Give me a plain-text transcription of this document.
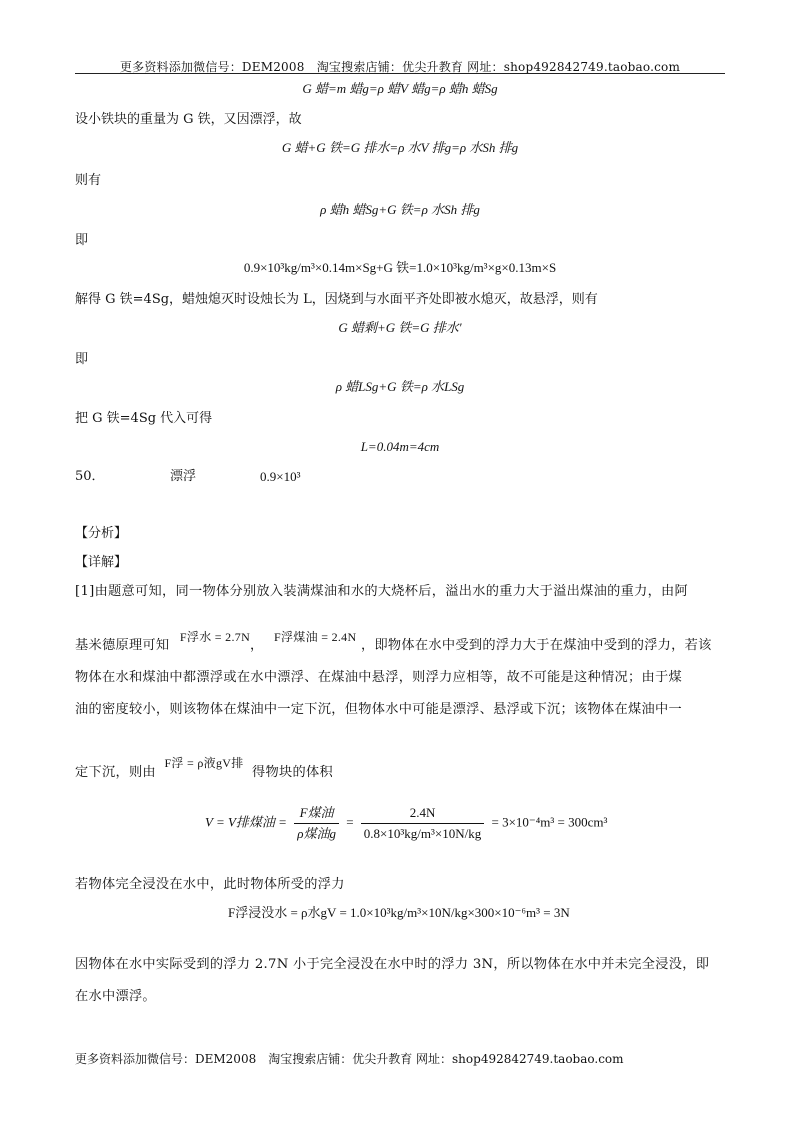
更多资料添加微信号：DEM2008　淘宝搜索店铺：优尖升教育 网址：shop492842749.taobao.com
G 蜡=m 蜡g=ρ 蜡V 蜡g=ρ 蜡h 蜡Sg
设小铁块的重量为 G 铁，又因漂浮，故
G 蜡+G 铁=G 排水=ρ 水V 排g=ρ 水Sh 排g
则有
ρ 蜡h 蜡Sg+G 铁=ρ 水Sh 排g
即
0.9×10³kg/m³×0.14m×Sg+G 铁=1.0×10³kg/m³×g×0.13m×S
解得 G 铁=4Sg，蜡烛熄灭时设烛长为 L，因烧到与水面平齐处即被水熄灭，故悬浮，则有
G 蜡剩+G 铁=G 排水′
即
ρ 蜡LSg+G 铁=ρ 水LSg
把 G 铁=4Sg 代入可得
L=0.04m=4cm
50．	漂浮	0.9×10³
【分析】
【详解】
[1]由题意可知，同一物体分别放入装满煤油和水的大烧杯后，溢出水的重力大于溢出煤油的重力，由阿
基米德原理可知 F浮水 = 2.7N， F浮煤油 = 2.4N ，即物体在水中受到的浮力大于在煤油中受到的浮力，若该
物体在水和煤油中都漂浮或在水中漂浮、在煤油中悬浮，则浮力应相等，故不可能是这种情况；由于煤
油的密度较小，则该物体在煤油中一定下沉，但物体水中可能是漂浮、悬浮或下沉；该物体在煤油中一
定下沉，则由 F浮 = ρ液gV排 得物块的体积
V = V排煤油 = $\frac{\text{F煤油}}{\text{ρ煤油g}} = \frac{2.4N}{\text{0.8×10³kg/m³×10N/kg}} = 3\times 10^{-4}m^3 = 300cm^3$
若物体完全浸没在水中，此时物体所受的浮力
F浮浸没水 = ρ水gV = 1.0×10³kg/m³×10N/kg×300×10⁻⁶m³ = 3N
因物体在水中实际受到的浮力 2.7N 小于完全浸没在水中时的浮力 3N，所以物体在水中并未完全浸没，即
在水中漂浮。
更多资料添加微信号：DEM2008　淘宝搜索店铺：优尖升教育 网址：shop492842749.taobao.com
